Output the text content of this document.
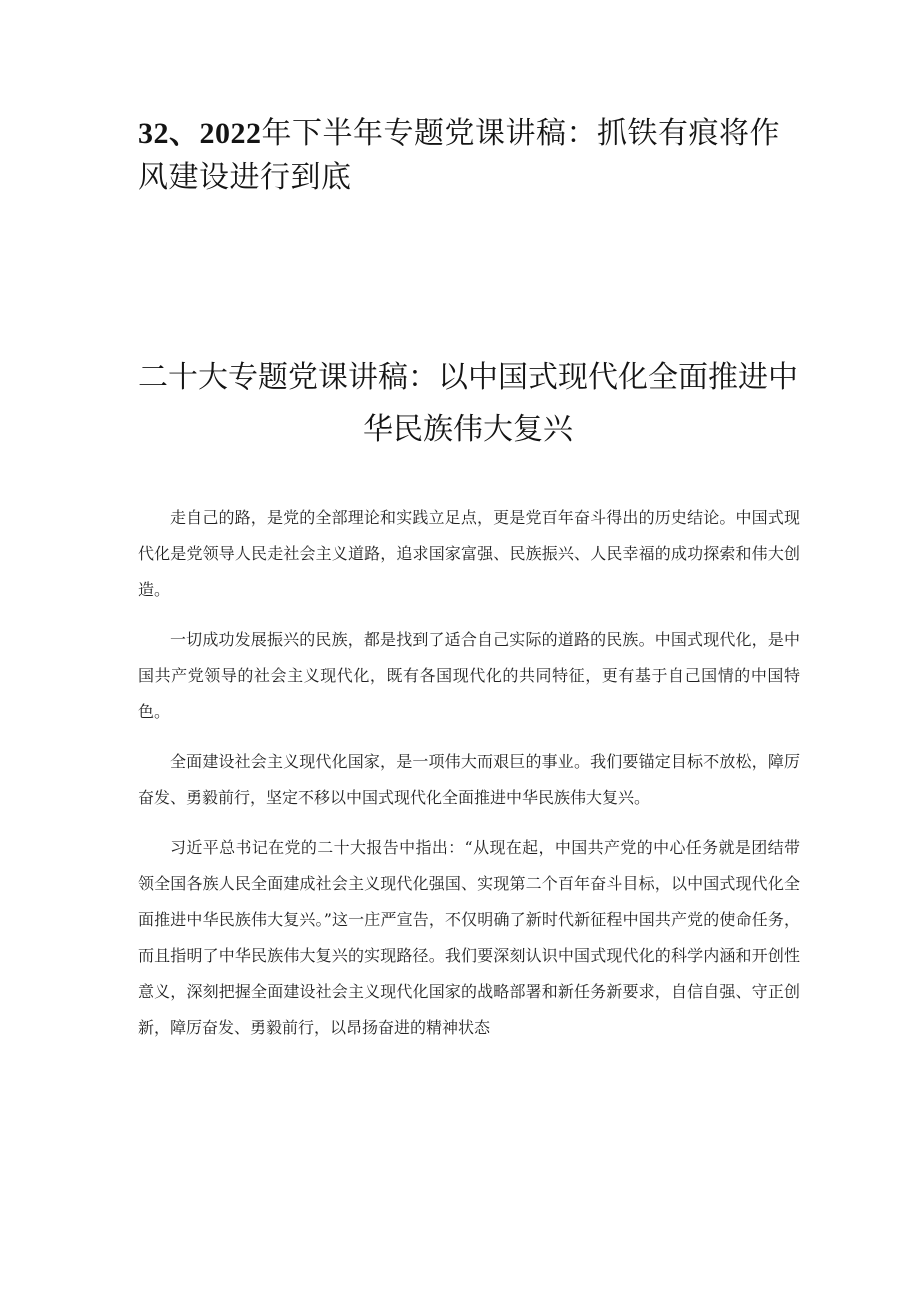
32、2022年下半年专题党课讲稿：抓铁有痕将作风建设进行到底
二十大专题党课讲稿：以中国式现代化全面推进中华民族伟大复兴

走自己的路，是党的全部理论和实践立足点，更是党百年奋斗得出的历史结论。中国式现代化是党领导人民走社会主义道路，追求国家富强、民族振兴、人民幸福的成功探索和伟大创造。

一切成功发展振兴的民族，都是找到了适合自己实际的道路的民族。中国式现代化，是中国共产党领导的社会主义现代化，既有各国现代化的共同特征，更有基于自己国情的中国特色。

全面建设社会主义现代化国家，是一项伟大而艰巨的事业。我们要锚定目标不放松，障厉奋发、勇毅前行，坚定不移以中国式现代化全面推进中华民族伟大复兴。

习近平总书记在党的二十大报告中指出：“从现在起，中国共产党的中心任务就是团结带领全国各族人民全面建成社会主义现代化强国、实现第二个百年奋斗目标，以中国式现代化全面推进中华民族伟大复兴。”这一庄严宣告，不仅明确了新时代新征程中国共产党的使命任务，而且指明了中华民族伟大复兴的实现路径。我们要深刻认识中国式现代化的科学内涵和开创性意义，深刻把握全面建设社会主义现代化国家的战略部署和新任务新要求，自信自强、守正创新，障厉奋发、勇毅前行，以昂扬奋进的精神状态
